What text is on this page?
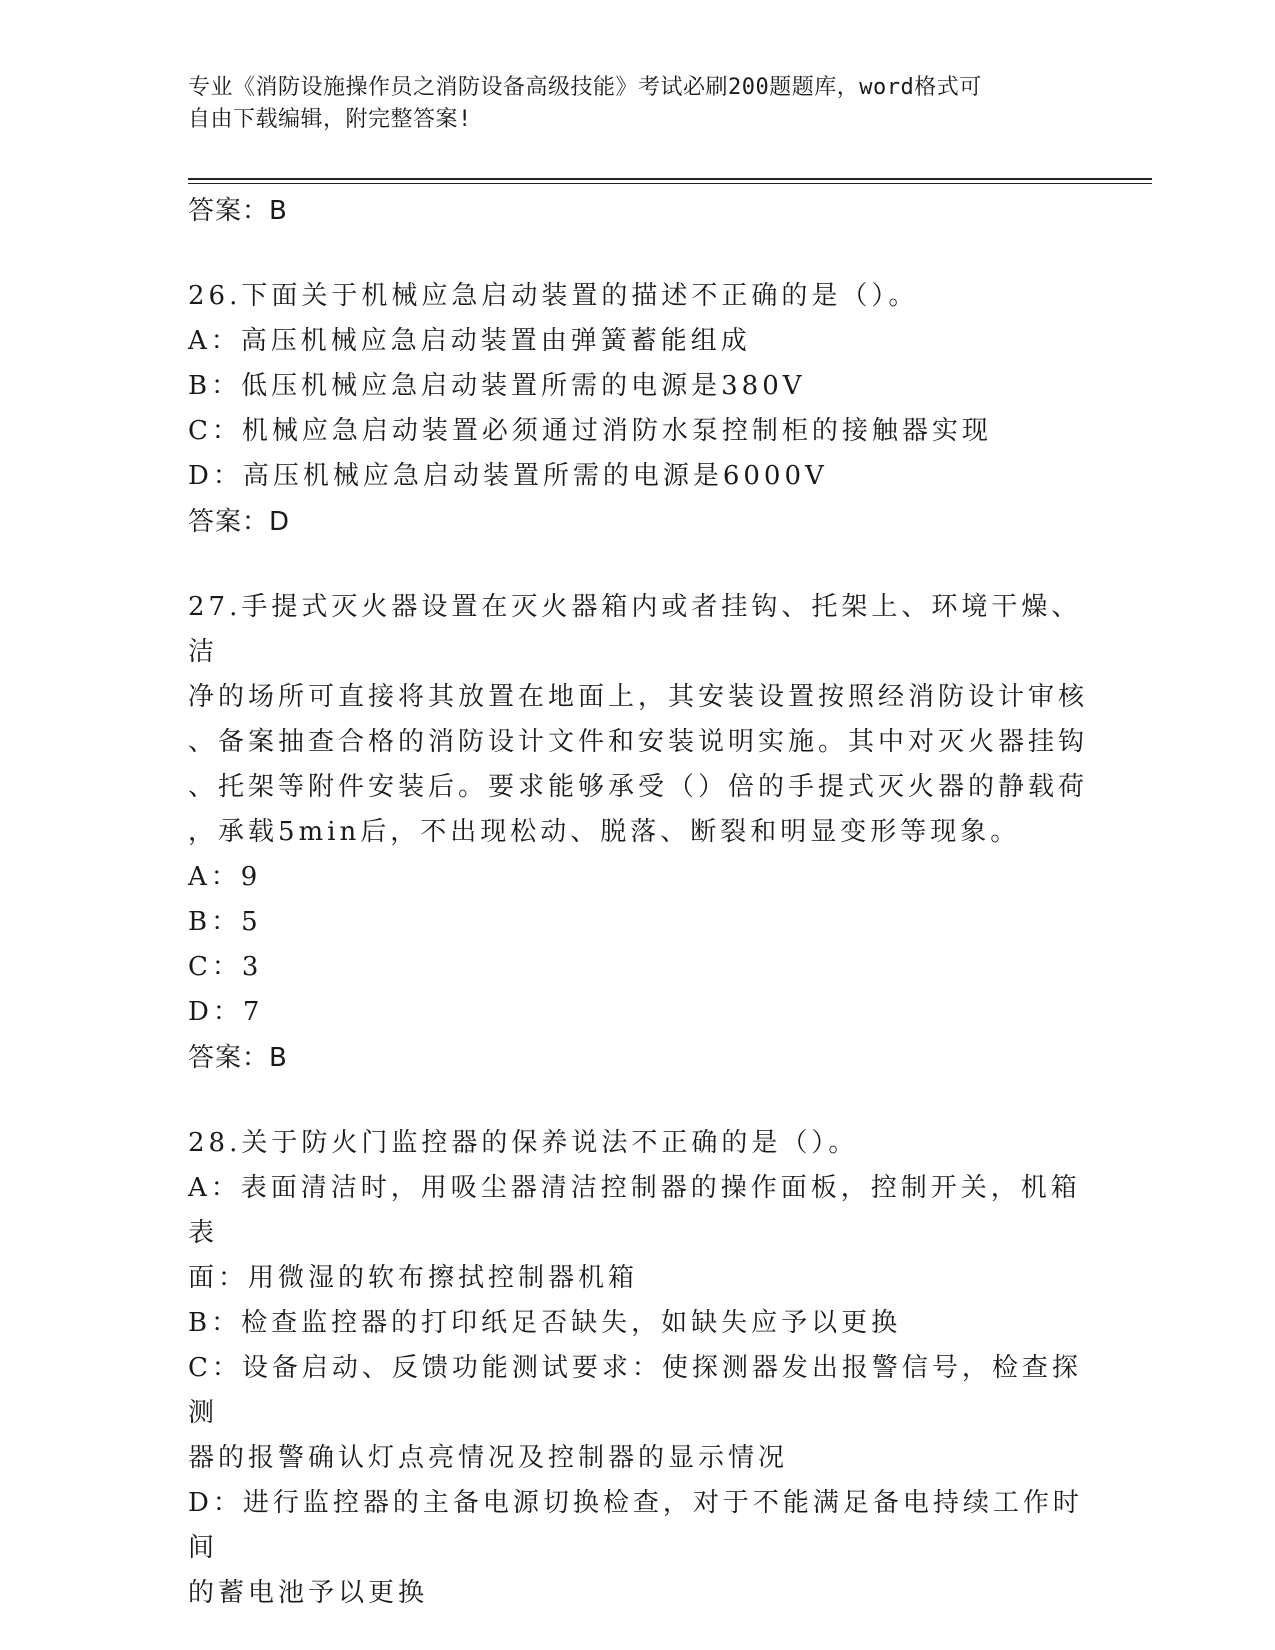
专业《消防设施操作员之消防设备高级技能》考试必刷200题题库，word格式可
自由下载编辑，附完整答案!
答案：B

26.下面关于机械应急启动装置的描述不正确的是（）。

A：高压机械应急启动装置由弹簧蓄能组成

B：低压机械应急启动装置所需的电源是380V

C：机械应急启动装置必须通过消防水泵控制柜的接触器实现

D：高压机械应急启动装置所需的电源是6000V

答案：D

27.手提式灭火器设置在灭火器箱内或者挂钩、托架上、环境干燥、洁

净的场所可直接将其放置在地面上，其安装设置按照经消防设计审核

、备案抽查合格的消防设计文件和安装说明实施。其中对灭火器挂钩

、托架等附件安装后。要求能够承受（）倍的手提式灭火器的静载荷

，承载5min后，不出现松动、脱落、断裂和明显变形等现象。

A：9

B：5

C：3

D：7

答案：B

28.关于防火门监控器的保养说法不正确的是（）。

A：表面清洁时，用吸尘器清洁控制器的操作面板，控制开关，机箱表

面：用微湿的软布擦拭控制器机箱

B：检查监控器的打印纸足否缺失，如缺失应予以更换

C：设备启动、反馈功能测试要求：使探测器发出报警信号，检查探测

器的报警确认灯点亮情况及控制器的显示情况

D：进行监控器的主备电源切换检查，对于不能满足备电持续工作时间

的蓄电池予以更换
